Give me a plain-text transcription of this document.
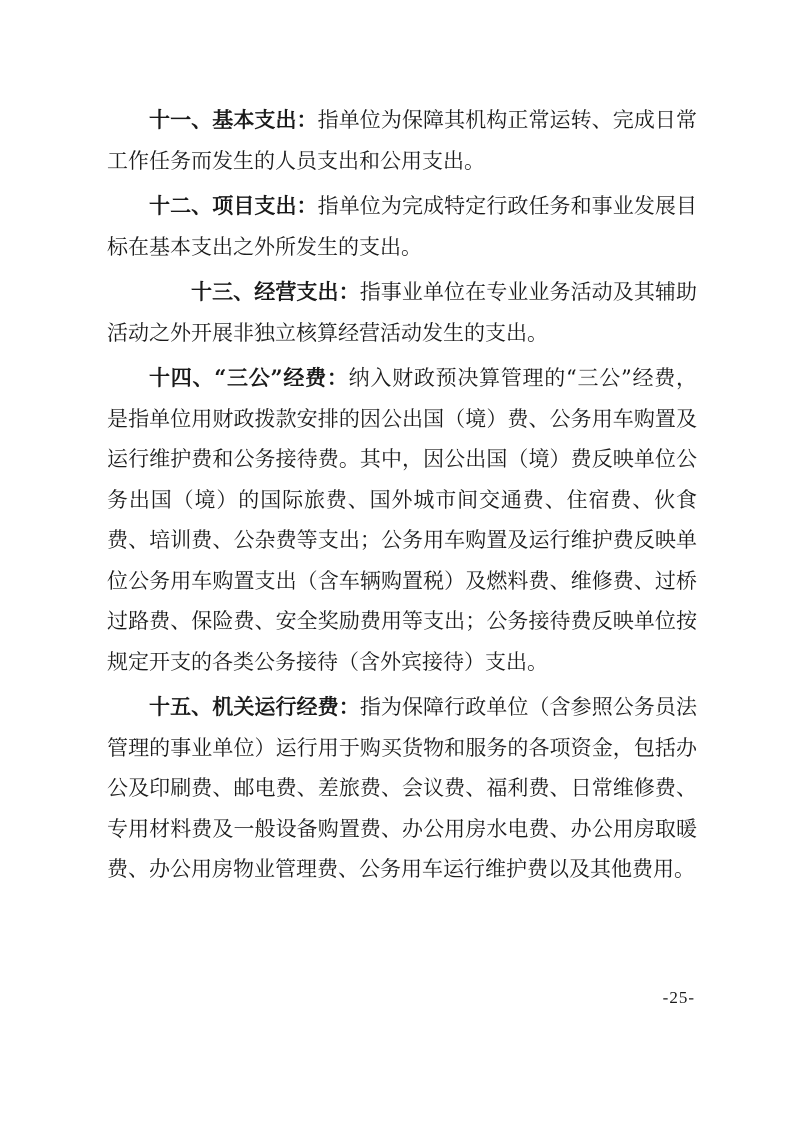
十一、基本支出：指单位为保障其机构正常运转、完成日常工作任务而发生的人员支出和公用支出。

十二、项目支出：指单位为完成特定行政任务和事业发展目标在基本支出之外所发生的支出。

十三、经营支出：指事业单位在专业业务活动及其辅助活动之外开展非独立核算经营活动发生的支出。

十四、“三公”经费：纳入财政预决算管理的“三公”经费，是指单位用财政拨款安排的因公出国（境）费、公务用车购置及运行维护费和公务接待费。其中，因公出国（境）费反映单位公务出国（境）的国际旅费、国外城市间交通费、住宿费、伙食费、培训费、公杂费等支出；公务用车购置及运行维护费反映单位公务用车购置支出（含车辆购置税）及燃料费、维修费、过桥过路费、保险费、安全奖励费用等支出；公务接待费反映单位按规定开支的各类公务接待（含外宾接待）支出。

十五、机关运行经费：指为保障行政单位（含参照公务员法管理的事业单位）运行用于购买货物和服务的各项资金，包括办公及印刷费、邮电费、差旅费、会议费、福利费、日常维修费、专用材料费及一般设备购置费、办公用房水电费、办公用房取暖费、办公用房物业管理费、公务用车运行维护费以及其他费用。

-25-
